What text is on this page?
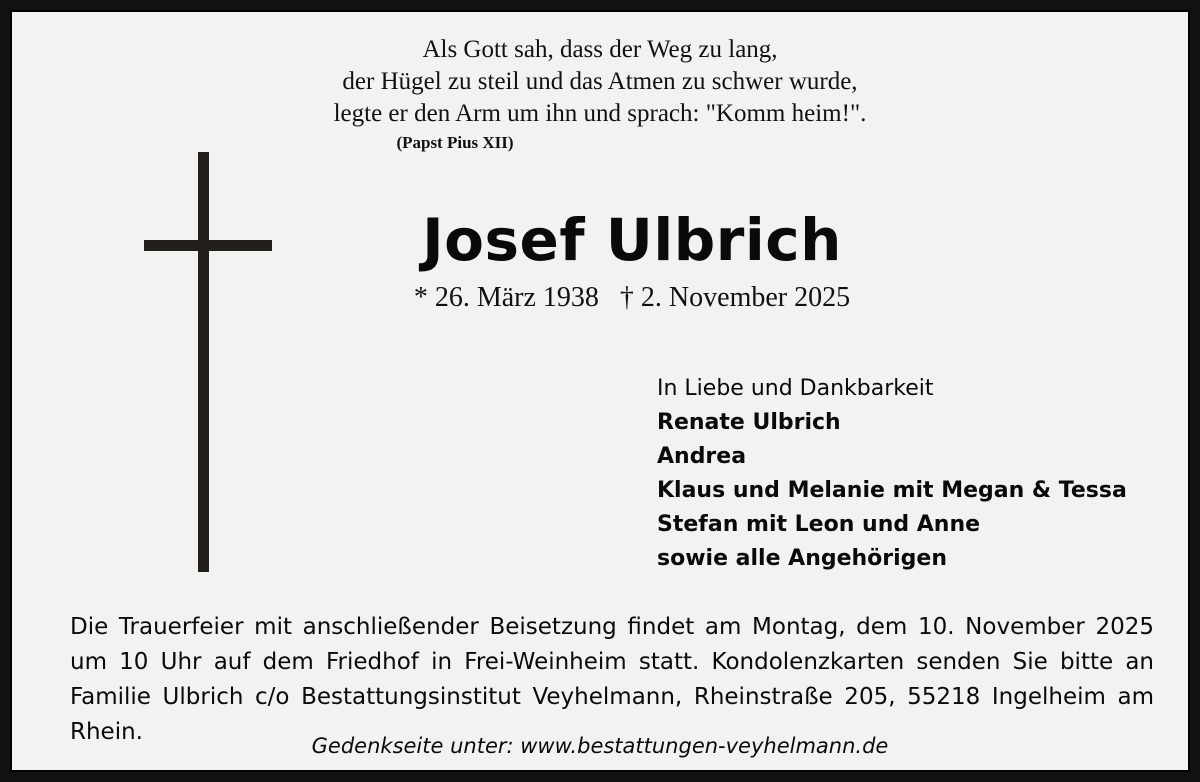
Als Gott sah, dass der Weg zu lang,
der Hügel zu steil und das Atmen zu schwer wurde,
legte er den Arm um ihn und sprach: "Komm heim!".
(Papst Pius XII)
Josef Ulbrich
* 26. März 1938   † 2. November 2025
In Liebe und Dankbarkeit
Renate Ulbrich
Andrea
Klaus und Melanie mit Megan & Tessa
Stefan mit Leon und Anne
sowie alle Angehörigen
Die Trauerfeier mit anschließender Beisetzung findet am Montag, dem 10. November 2025 um 10 Uhr auf dem Friedhof in Frei-Weinheim statt. Kondolenzkarten senden Sie bitte an Familie Ulbrich c/o Bestattungsinstitut Veyhelmann, Rheinstraße 205, 55218 Ingelheim am Rhein.
Gedenkseite unter: www.bestattungen-veyhelmann.de
